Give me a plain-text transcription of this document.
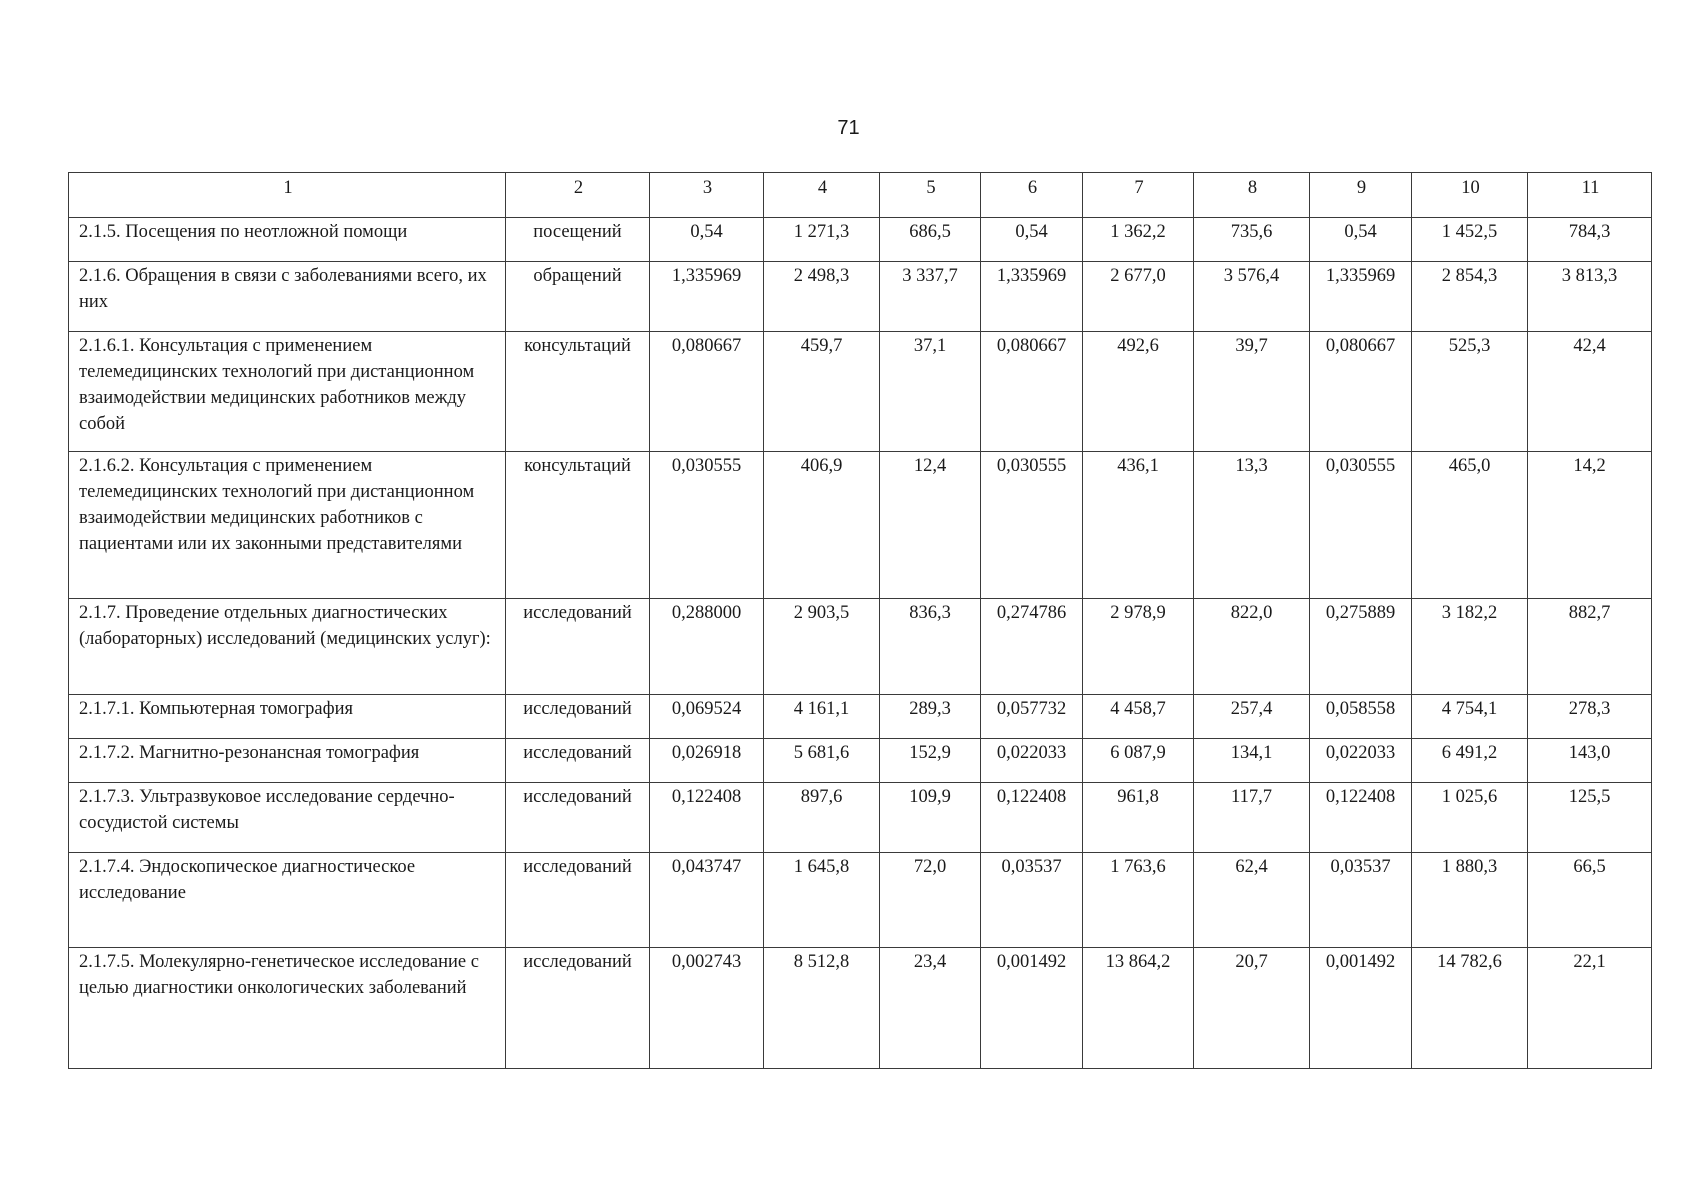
71
1	2	3	4	5	6	7	8	9	10	11
2.1.5. Посещения по неотложной помощи	посещений	0,54	1 271,3	686,5	0,54	1 362,2	735,6	0,54	1 452,5	784,3
2.1.6. Обращения в связи с заболеваниями всего, их них	обращений	1,335969	2 498,3	3 337,7	1,335969	2 677,0	3 576,4	1,335969	2 854,3	3 813,3
2.1.6.1. Консультация с применением телемедицинских технологий при дистанционном взаимодействии медицинских работников между собой	консультаций	0,080667	459,7	37,1	0,080667	492,6	39,7	0,080667	525,3	42,4
2.1.6.2. Консультация с применением телемедицинских технологий при дистанционном взаимодействии медицинских работников с пациентами или их законными представителями	консультаций	0,030555	406,9	12,4	0,030555	436,1	13,3	0,030555	465,0	14,2
2.1.7. Проведение отдельных диагностических (лабораторных) исследований (медицинских услуг):	исследований	0,288000	2 903,5	836,3	0,274786	2 978,9	822,0	0,275889	3 182,2	882,7
2.1.7.1. Компьютерная томография	исследований	0,069524	4 161,1	289,3	0,057732	4 458,7	257,4	0,058558	4 754,1	278,3
2.1.7.2. Магнитно-резонансная томография	исследований	0,026918	5 681,6	152,9	0,022033	6 087,9	134,1	0,022033	6 491,2	143,0
2.1.7.3. Ультразвуковое исследование сердечно-сосудистой системы	исследований	0,122408	897,6	109,9	0,122408	961,8	117,7	0,122408	1 025,6	125,5
2.1.7.4. Эндоскопическое диагностическое исследование	исследований	0,043747	1 645,8	72,0	0,03537	1 763,6	62,4	0,03537	1 880,3	66,5
2.1.7.5. Молекулярно-генетическое исследование с целью диагностики онкологических заболеваний	исследований	0,002743	8 512,8	23,4	0,001492	13 864,2	20,7	0,001492	14 782,6	22,1
